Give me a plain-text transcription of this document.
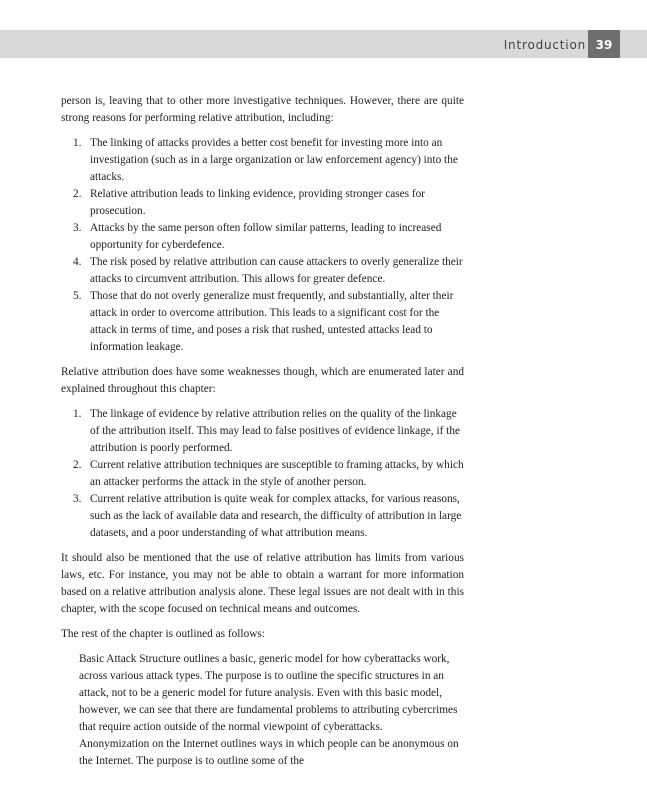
Introduction 39

person is, leaving that to other more investigative techniques. However, there are quite strong reasons for performing relative attribution, including:

1. The linking of attacks provides a better cost benefit for investing more into an investigation (such as in a large organization or law enforcement agency) into the attacks.
2. Relative attribution leads to linking evidence, providing stronger cases for prosecution.
3. Attacks by the same person often follow similar patterns, leading to increased opportunity for cyberdefence.
4. The risk posed by relative attribution can cause attackers to overly generalize their attacks to circumvent attribution. This allows for greater defence.
5. Those that do not overly generalize must frequently, and substantially, alter their attack in order to overcome attribution. This leads to a significant cost for the attack in terms of time, and poses a risk that rushed, untested attacks lead to information leakage.

Relative attribution does have some weaknesses though, which are enumerated later and explained throughout this chapter:

1. The linkage of evidence by relative attribution relies on the quality of the linkage of the attribution itself. This may lead to false positives of evidence linkage, if the attribution is poorly performed.
2. Current relative attribution techniques are susceptible to framing attacks, by which an attacker performs the attack in the style of another person.
3. Current relative attribution is quite weak for complex attacks, for various reasons, such as the lack of available data and research, the difficulty of attribution in large datasets, and a poor understanding of what attribution means.

It should also be mentioned that the use of relative attribution has limits from various laws, etc. For instance, you may not be able to obtain a warrant for more information based on a relative attribution analysis alone. These legal issues are not dealt with in this chapter, with the scope focused on technical means and outcomes.

The rest of the chapter is outlined as follows:

Basic Attack Structure outlines a basic, generic model for how cyberattacks work, across various attack types. The purpose is to outline the specific structures in an attack, not to be a generic model for future analysis. Even with this basic model, however, we can see that there are fundamental problems to attributing cybercrimes that require action outside of the normal viewpoint of cyberattacks.

Anonymization on the Internet outlines ways in which people can be anonymous on the Internet. The purpose is to outline some of the
